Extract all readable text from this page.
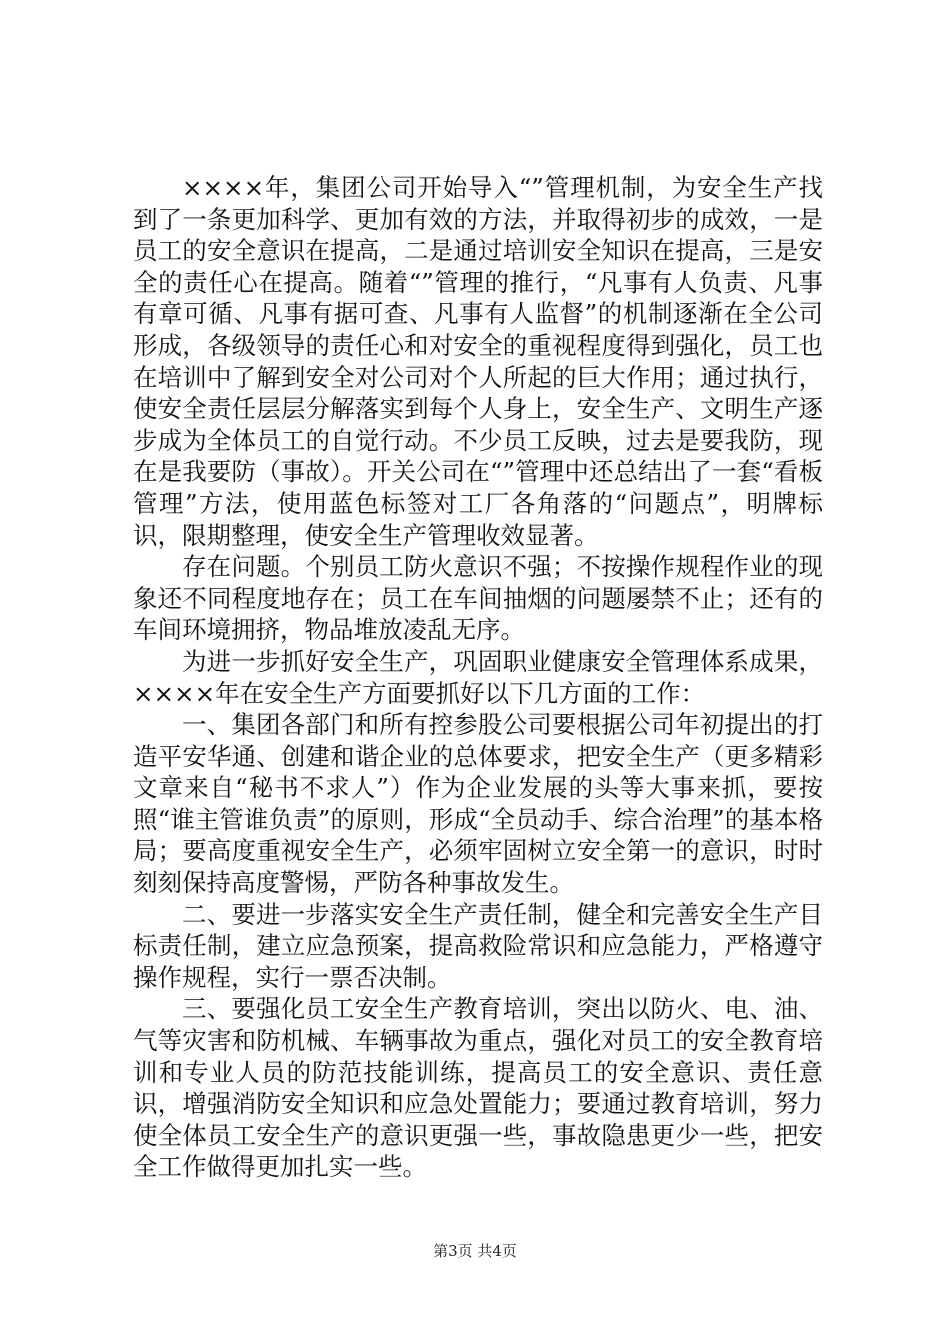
××××年，集团公司开始导入“”管理机制，为安全生产找到了一条更加科学、更加有效的方法，并取得初步的成效，一是员工的安全意识在提高，二是通过培训安全知识在提高，三是安全的责任心在提高。随着“”管理的推行，“凡事有人负责、凡事有章可循、凡事有据可查、凡事有人监督”的机制逐渐在全公司形成，各级领导的责任心和对安全的重视程度得到强化，员工也在培训中了解到安全对公司对个人所起的巨大作用；通过执行，使安全责任层层分解落实到每个人身上，安全生产、文明生产逐步成为全体员工的自觉行动。不少员工反映，过去是要我防，现在是我要防（事故）。开关公司在“”管理中还总结出了一套“看板管理”方法，使用蓝色标签对工厂各角落的“问题点”，明牌标识，限期整理，使安全生产管理收效显著。

存在问题。个别员工防火意识不强；不按操作规程作业的现象还不同程度地存在；员工在车间抽烟的问题屡禁不止；还有的车间环境拥挤，物品堆放凌乱无序。

为进一步抓好安全生产，巩固职业健康安全管理体系成果，××××年在安全生产方面要抓好以下几方面的工作：

一、集团各部门和所有控参股公司要根据公司年初提出的打造平安华通、创建和谐企业的总体要求，把安全生产（更多精彩文章来自“秘书不求人”）作为企业发展的头等大事来抓，要按照“谁主管谁负责”的原则，形成“全员动手、综合治理”的基本格局；要高度重视安全生产，必须牢固树立安全第一的意识，时时刻刻保持高度警惕，严防各种事故发生。

二、要进一步落实安全生产责任制，健全和完善安全生产目标责任制，建立应急预案，提高救险常识和应急能力，严格遵守操作规程，实行一票否决制。

三、要强化员工安全生产教育培训，突出以防火、电、油、气等灾害和防机械、车辆事故为重点，强化对员工的安全教育培训和专业人员的防范技能训练，提高员工的安全意识、责任意识，增强消防安全知识和应急处置能力；要通过教育培训，努力使全体员工安全生产的意识更强一些，事故隐患更少一些，把安全工作做得更加扎实一些。

第3页 共4页
